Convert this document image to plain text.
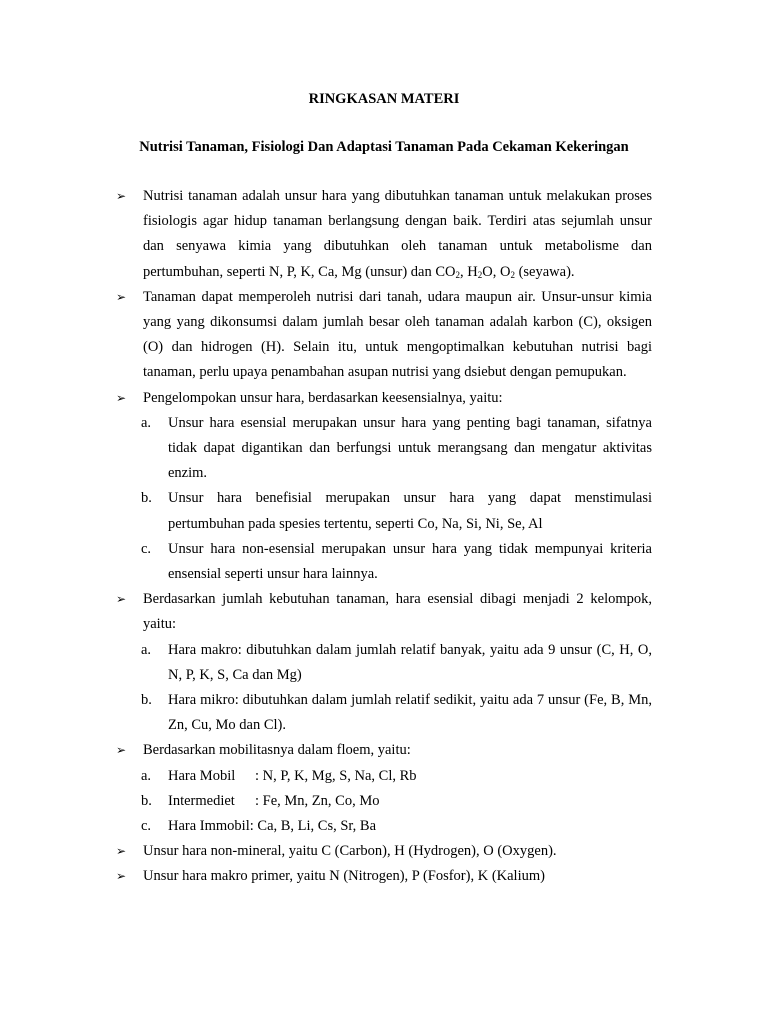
RINGKASAN MATERI
Nutrisi Tanaman, Fisiologi Dan Adaptasi Tanaman Pada Cekaman Kekeringan
➢	Nutrisi tanaman adalah unsur hara yang dibutuhkan tanaman untuk melakukan proses fisiologis agar hidup tanaman berlangsung dengan baik. Terdiri atas sejumlah unsur dan senyawa kimia yang dibutuhkan oleh tanaman untuk metabolisme dan pertumbuhan, seperti N, P, K, Ca, Mg (unsur) dan $CO_2$, $H_2O$, $O_2$ (seyawa).
➢	Tanaman dapat memperoleh nutrisi dari tanah, udara maupun air. Unsur-unsur kimia yang yang dikonsumsi dalam jumlah besar oleh tanaman adalah karbon (C), oksigen (O) dan hidrogen (H). Selain itu, untuk mengoptimalkan kebutuhan nutrisi bagi tanaman, perlu upaya penambahan asupan nutrisi yang dsiebut dengan pemupukan.
➢	Pengelompokan unsur hara, berdasarkan keesensialnya, yaitu:
a. Unsur hara esensial merupakan unsur hara yang penting bagi tanaman, sifatnya tidak dapat digantikan dan berfungsi untuk merangsang dan mengatur aktivitas enzim.
b. Unsur hara benefisial merupakan unsur hara yang dapat menstimulasi pertumbuhan pada spesies tertentu, seperti Co, Na, Si, Ni, Se, Al
c. Unsur hara non-esensial merupakan unsur hara yang tidak mempunyai kriteria ensensial seperti unsur hara lainnya.
➢	Berdasarkan jumlah kebutuhan tanaman, hara esensial dibagi menjadi 2 kelompok, yaitu:
a. Hara makro: dibutuhkan dalam jumlah relatif banyak, yaitu ada 9 unsur (C, H, O, N, P, K, S, Ca dan Mg)
b. Hara mikro: dibutuhkan dalam jumlah relatif sedikit, yaitu ada 7 unsur (Fe, B, Mn, Zn, Cu, Mo dan Cl).
➢	Berdasarkan mobilitasnya dalam floem, yaitu:
a. Hara Mobil : N, P, K, Mg, S, Na, Cl, Rb
b. Intermediet : Fe, Mn, Zn, Co, Mo
c. Hara Immobil: Ca, B, Li, Cs, Sr, Ba
➢	Unsur hara non-mineral, yaitu C (Carbon), H (Hydrogen), O (Oxygen).
➢	Unsur hara makro primer, yaitu N (Nitrogen), P (Fosfor), K (Kalium)
